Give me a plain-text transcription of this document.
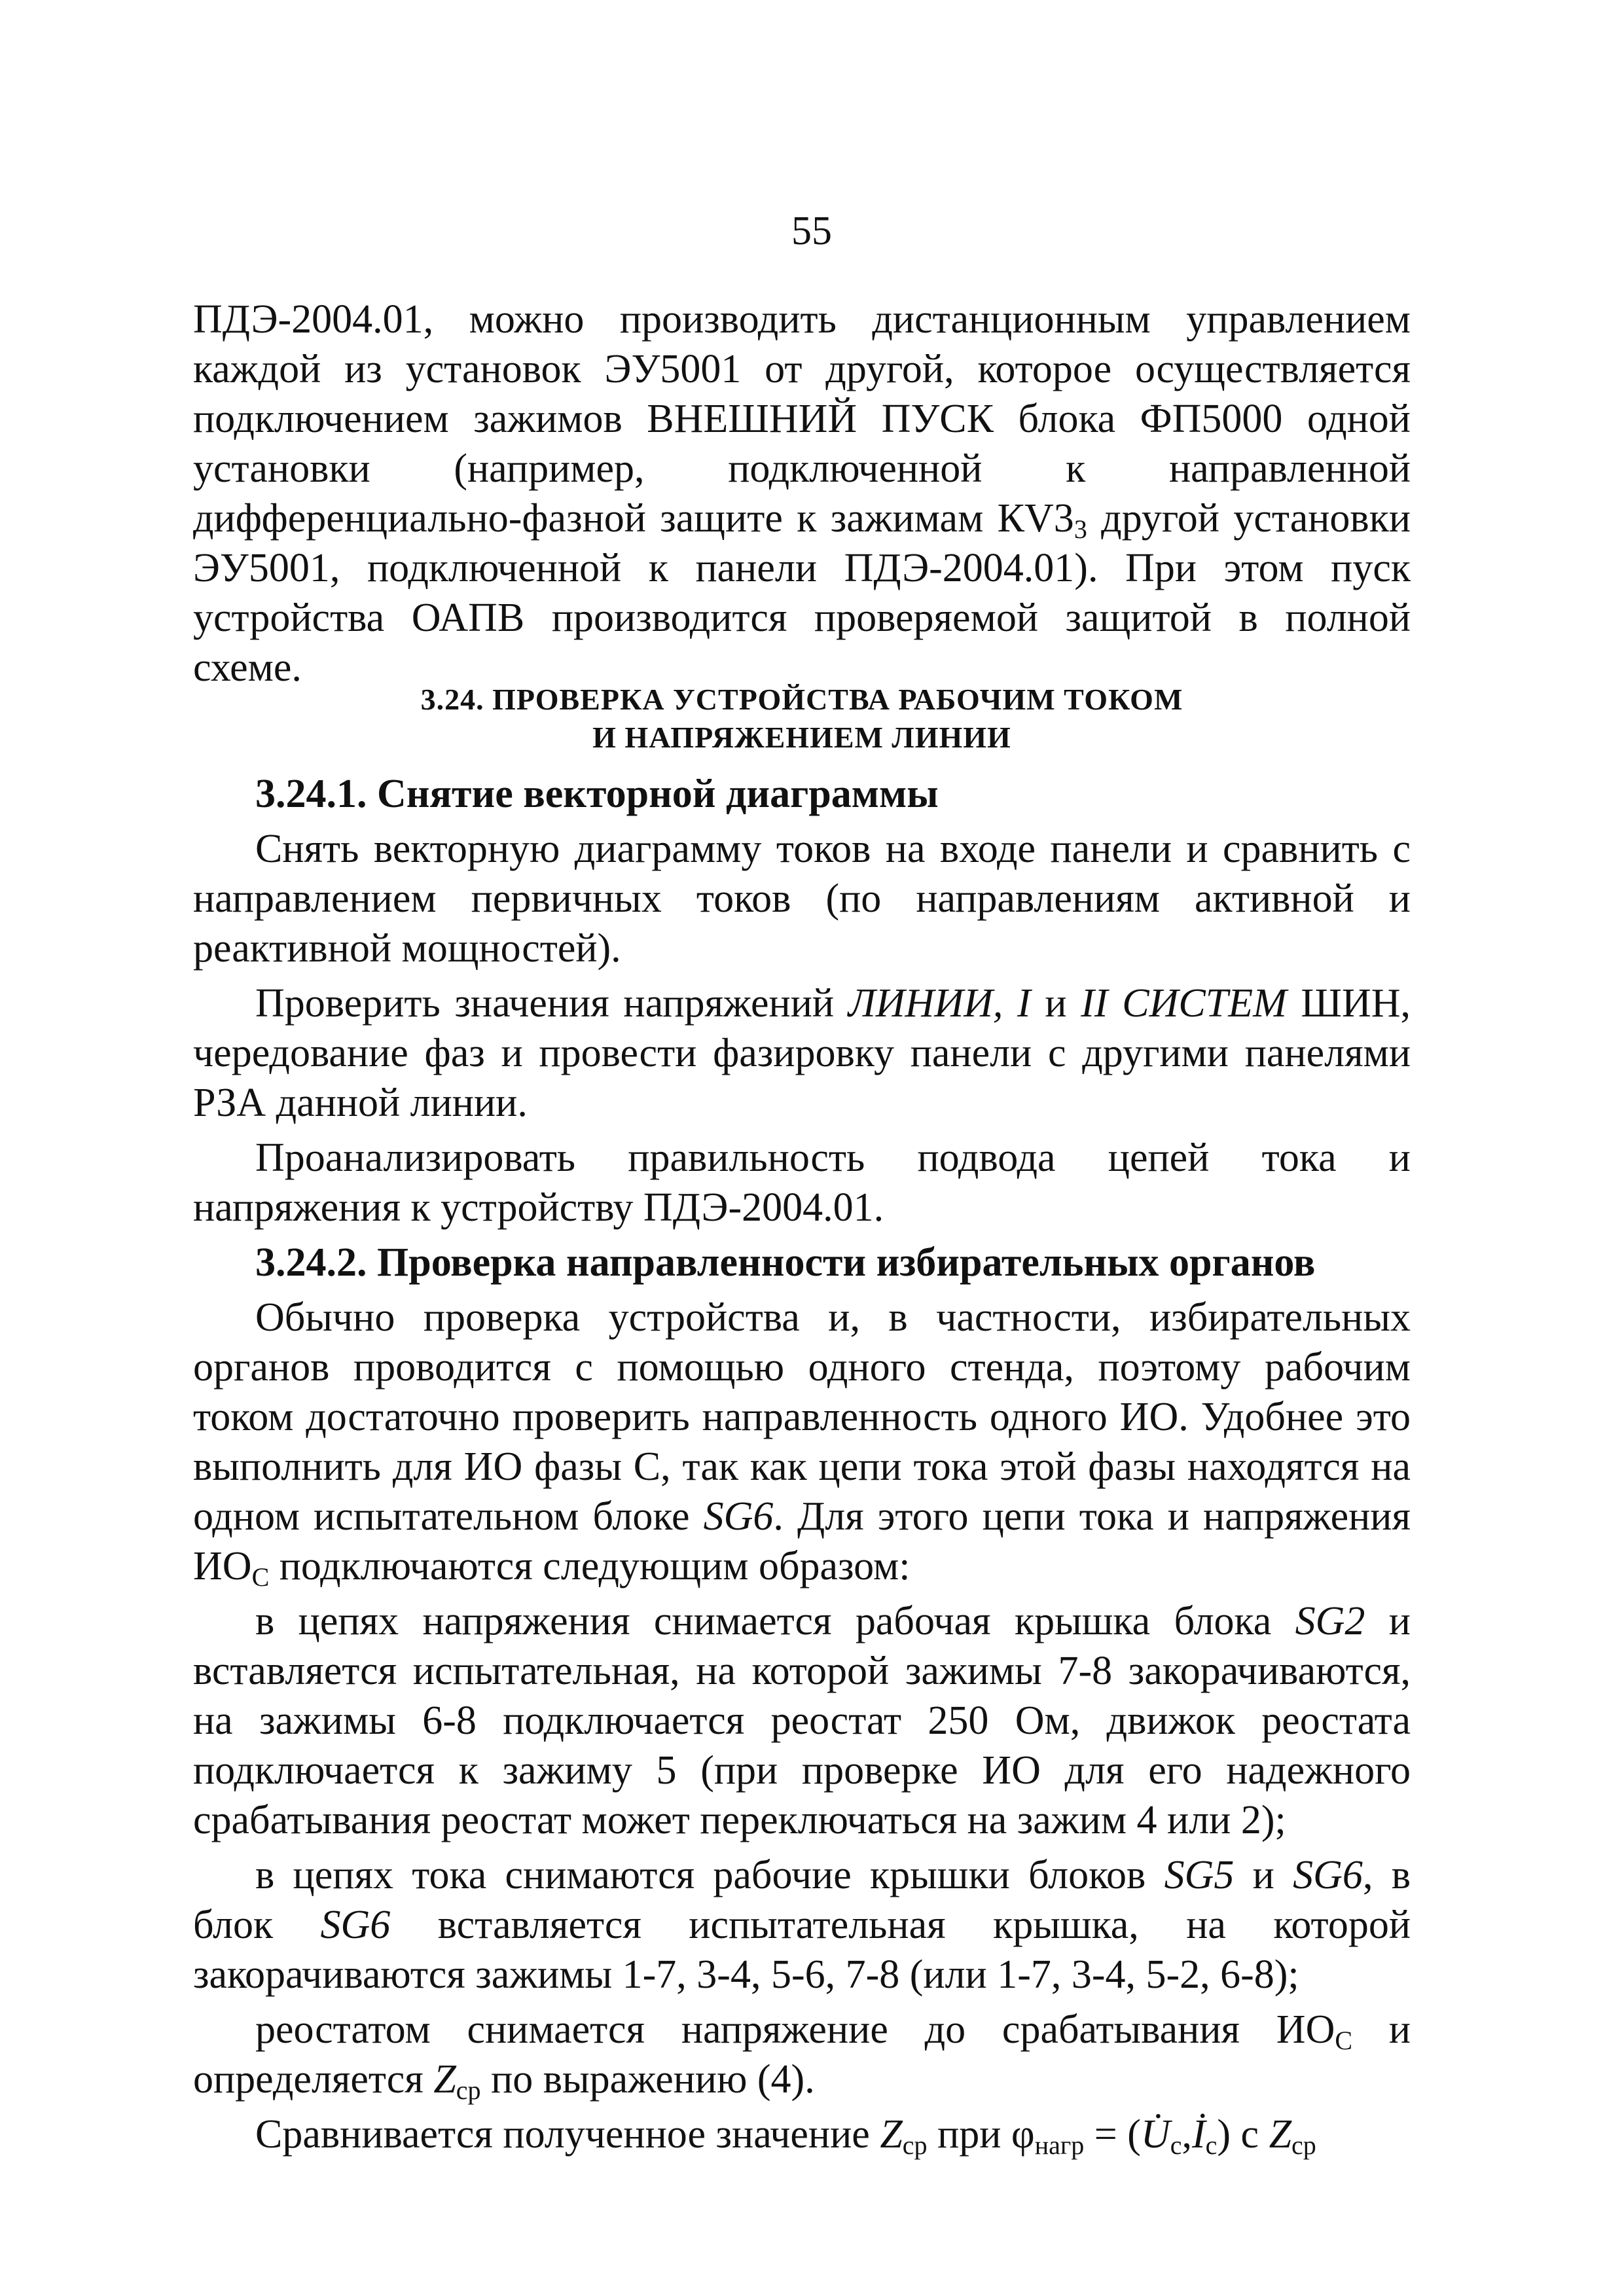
55

ПДЭ-2004.01, можно производить дистанционным управлением каждой из установок ЭУ5001 от другой, которое осуществляется подключением зажимов ВНЕШНИЙ ПУСК блока ФП5000 одной установки (например, подключенной к направленной дифференциально-фазной защите к зажимам $КV3_3$ другой установки ЭУ5001, подключенной к панели ПДЭ-2004.01). При этом пуск устройства ОАПВ производится проверяемой защитой в полной схеме.

3.24. ПРОВЕРКА УСТРОЙСТВА РАБОЧИМ ТОКОМ
И НАПРЯЖЕНИЕМ ЛИНИИ
3.24.1. Снятие векторной диаграммы

Снять векторную диаграмму токов на входе панели и сравнить с направлением первичных токов (по направлениям активной и реактивной мощностей).

Проверить значения напряжений ЛИНИИ, I и II СИСТЕМ ШИН, чередование фаз и провести фазировку панели с другими панелями РЗА данной линии.

Проанализировать правильность подвода цепей тока и напряжения к устройству ПДЭ-2004.01.

3.24.2. Проверка направленности избирательных органов

Обычно проверка устройства и, в частности, избирательных органов проводится с помощью одного стенда, поэтому рабочим током достаточно проверить направленность одного ИО. Удобнее это выполнить для ИО фазы С, так как цепи тока этой фазы находятся на одном испытательном блоке SG6. Для этого цепи тока и напряжения $ИО_С$ подключаются следующим образом:

в цепях напряжения снимается рабочая крышка блока SG2 и вставляется испытательная, на которой зажимы 7-8 закорачиваются, на зажимы 6-8 подключается реостат 250 Ом, движок реостата подключается к зажиму 5 (при проверке ИО для его надежного срабатывания реостат может переключаться на зажим 4 или 2);

в цепях тока снимаются рабочие крышки блоков SG5 и SG6, в блок SG6 вставляется испытательная крышка, на которой закорачиваются зажимы 1-7, 3-4, 5-6, 7-8 (или 1-7, 3-4, 5-2, 6-8);

реостатом снимается напряжение до срабатывания $ИО_С$ и определяется $Z_{ср}$ по выражению (4).

Сравнивается полученное значение $Z_{ср}$ при $\varphi_{нагр}$ = $(U̇_с,İ_с)$ с $Z_{ср}$
